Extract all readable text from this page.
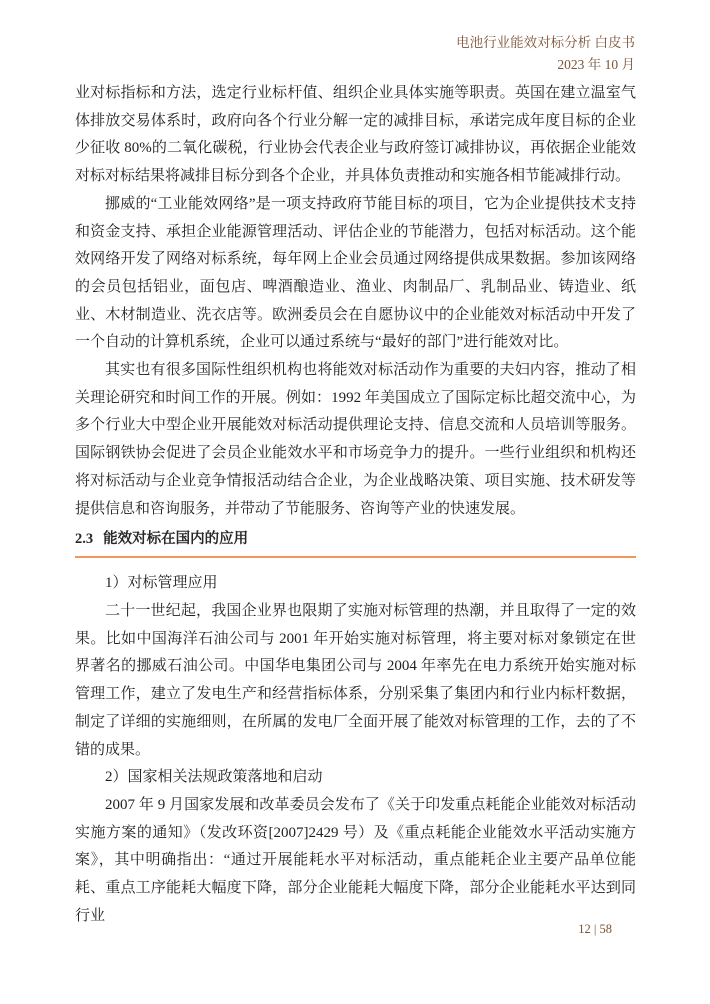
电池行业能效对标分析 白皮书
2023 年 10 月

业对标指标和方法，选定行业标杆值、组织企业具体实施等职责。英国在建立温室气体排放交易体系时，政府向各个行业分解一定的减排目标，承诺完成年度目标的企业少征收 80%的二氧化碳税，行业协会代表企业与政府签订减排协议，再依据企业能效对标对标结果将减排目标分到各个企业，并具体负责推动和实施各相节能减排行动。

挪威的“工业能效网络”是一项支持政府节能目标的项目，它为企业提供技术支持和资金支持、承担企业能源管理活动、评估企业的节能潜力，包括对标活动。这个能效网络开发了网络对标系统，每年网上企业会员通过网络提供成果数据。参加该网络的会员包括铝业，面包店、啤酒酿造业、渔业、肉制品厂、乳制品业、铸造业、纸业、木材制造业、洗衣店等。欧洲委员会在自愿协议中的企业能效对标活动中开发了一个自动的计算机系统，企业可以通过系统与“最好的部门”进行能效对比。

其实也有很多国际性组织机构也将能效对标活动作为重要的夫妇内容，推动了相关理论研究和时间工作的开展。例如：1992 年美国成立了国际定标比超交流中心，为多个行业大中型企业开展能效对标活动提供理论支持、信息交流和人员培训等服务。国际钢铁协会促进了会员企业能效水平和市场竞争力的提升。一些行业组织和机构还将对标活动与企业竞争情报活动结合企业，为企业战略决策、项目实施、技术研发等提供信息和咨询服务，并带动了节能服务、咨询等产业的快速发展。

2.3 能效对标在国内的应用

1）对标管理应用

二十一世纪起，我国企业界也限期了实施对标管理的热潮，并且取得了一定的效果。比如中国海洋石油公司与 2001 年开始实施对标管理，将主要对标对象锁定在世界著名的挪威石油公司。中国华电集团公司与 2004 年率先在电力系统开始实施对标管理工作，建立了发电生产和经营指标体系，分别采集了集团内和行业内标杆数据，制定了详细的实施细则，在所属的发电厂全面开展了能效对标管理的工作，去的了不错的成果。

2）国家相关法规政策落地和启动

2007 年 9 月国家发展和改革委员会发布了《关于印发重点耗能企业能效对标活动实施方案的通知》（发改环资[2007]2429 号）及《重点耗能企业能效水平活动实施方案》，其中明确指出：“通过开展能耗水平对标活动，重点能耗企业主要产品单位能耗、重点工序能耗大幅度下降，部分企业能耗大幅度下降，部分企业能耗水平达到同行业

12 | 58
